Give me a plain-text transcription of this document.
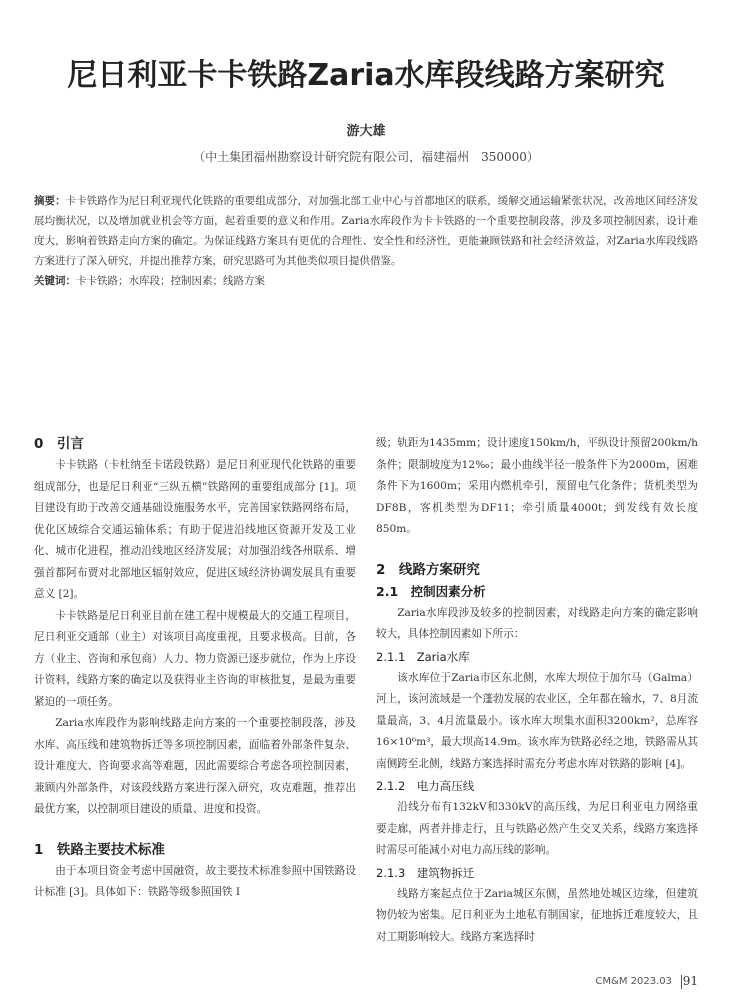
尼日利亚卡卡铁路Zaria水库段线路方案研究
游大雄
（中土集团福州勘察设计研究院有限公司，福建福州　350000）
摘要：卡卡铁路作为尼日利亚现代化铁路的重要组成部分，对加强北部工业中心与首都地区的联系，缓解交通运输紧张状况，改善地区间经济发展均衡状况，以及增加就业机会等方面，起着重要的意义和作用。Zaria水库段作为卡卡铁路的一个重要控制段落，涉及多项控制因素，设计难度大，影响着铁路走向方案的确定。为保证线路方案具有更优的合理性、安全性和经济性，更能兼顾铁路和社会经济效益，对Zaria水库段线路方案进行了深入研究，并提出推荐方案，研究思路可为其他类似项目提供借鉴。
关键词：卡卡铁路；水库段；控制因素；线路方案
0　引言

卡卡铁路（卡杜纳至卡诺段铁路）是尼日利亚现代化铁路的重要组成部分，也是尼日利亚“三纵五横”铁路网的重要组成部分 [1]。项目建设有助于改善交通基础设施服务水平，完善国家铁路网络布局，优化区域综合交通运输体系；有助于促进沿线地区资源开发及工业化、城市化进程，推动沿线地区经济发展；对加强沿线各州联系、增强首都阿布贾对北部地区辐射效应，促进区域经济协调发展具有重要意义 [2]。

卡卡铁路是尼日利亚目前在建工程中规模最大的交通工程项目，尼日利亚交通部（业主）对该项目高度重视，且要求极高。目前，各方（业主、咨询和承包商）人力、物力资源已逐步就位，作为上序设计资料，线路方案的确定以及获得业主咨询的审核批复，是最为重要紧迫的一项任务。

Zaria水库段作为影响线路走向方案的一个重要控制段落，涉及水库、高压线和建筑物拆迁等多项控制因素，面临着外部条件复杂、设计难度大、咨询要求高等难题，因此需要综合考虑各项控制因素，兼顾内外部条件，对该段线路方案进行深入研究，攻克难题，推荐出最优方案，以控制项目建设的质量、进度和投资。

1　铁路主要技术标准

由于本项目资金考虑中国融资，故主要技术标准参照中国铁路设计标准 [3]。具体如下：铁路等级参照国铁 I

级；轨距为1435mm；设计速度150km/h，平纵设计预留200km/h条件；限制坡度为12‰；最小曲线半径一般条件下为2000m，困难条件下为1600m；采用内燃机牵引，预留电气化条件；货机类型为DF8B，客机类型为DF11；牵引质量4000t；到发线有效长度850m。

2　线路方案研究
2.1　控制因素分析

Zaria水库段涉及较多的控制因素，对线路走向方案的确定影响较大，具体控制因素如下所示：

2.1.1　Zaria水库

该水库位于Zaria市区东北侧，水库大坝位于加尔马（Galma）河上，该河流域是一个蓬勃发展的农业区，全年都在输水，7、8月流量最高，3、4月流量最小。该水库大坝集水面积3200km²，总库容16×10⁶m³，最大坝高14.9m。该水库为铁路必经之地，铁路需从其南侧跨至北侧，线路方案选择时需充分考虑水库对铁路的影响 [4]。

2.1.2　电力高压线

沿线分布有132kV和330kV的高压线，为尼日利亚电力网络重要走廊，两者并排走行，且与铁路必然产生交叉关系，线路方案选择时需尽可能减小对电力高压线的影响。

2.1.3　建筑物拆迁

线路方案起点位于Zaria城区东侧，虽然地处城区边缘，但建筑物仍较为密集。尼日利亚为土地私有制国家，征地拆迁难度较大，且对工期影响较大。线路方案选择时

CM&M 2023.03 91
